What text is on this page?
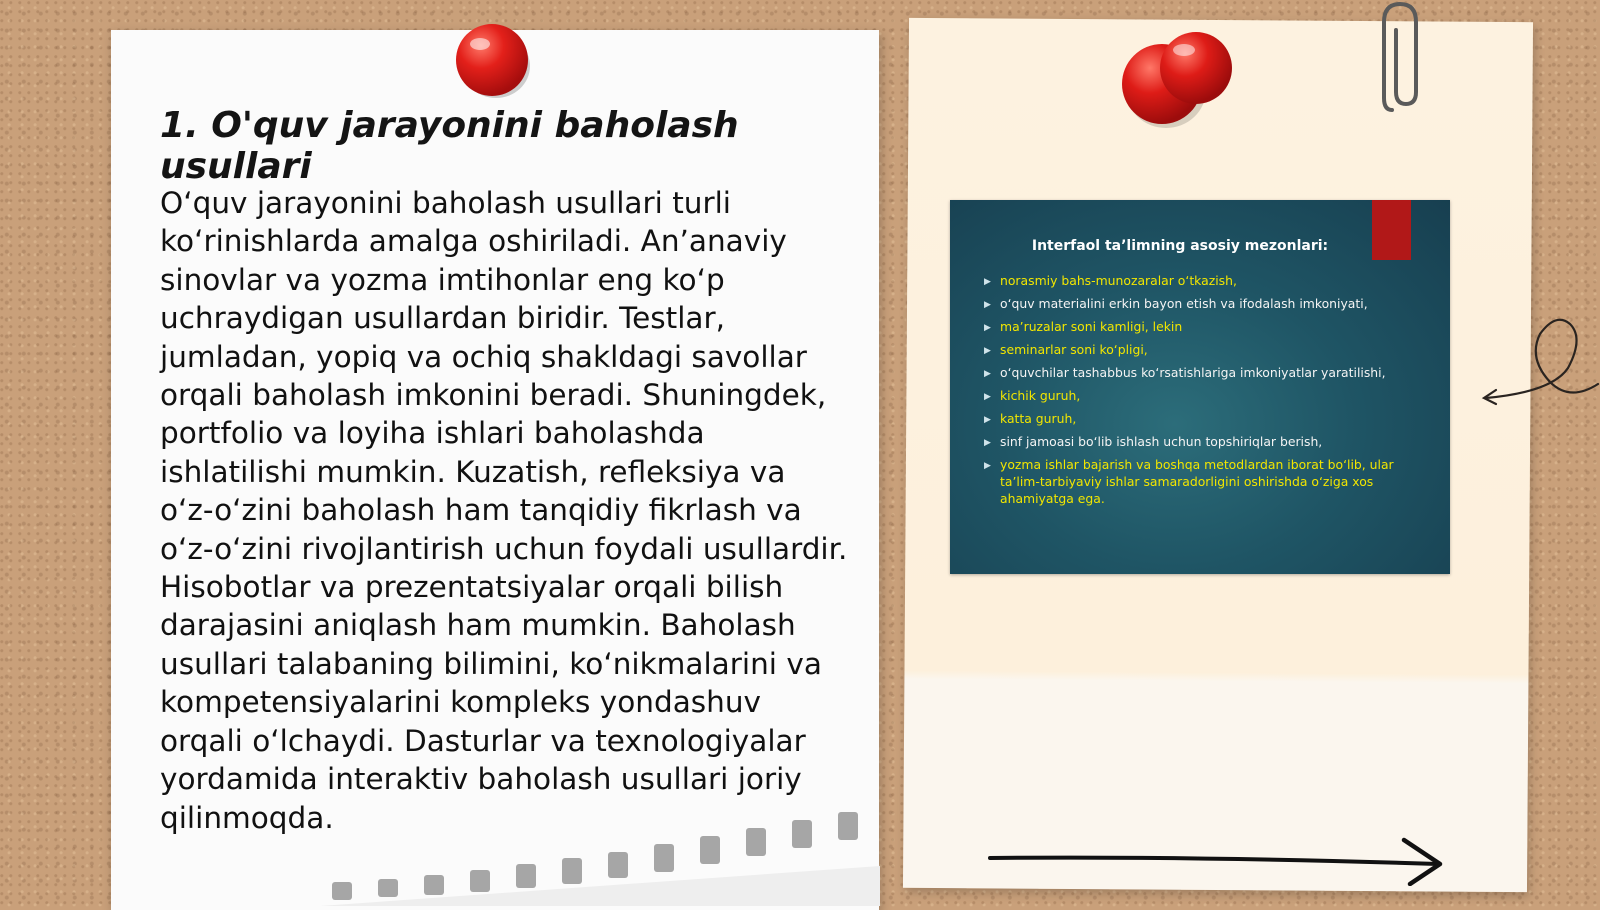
1. O'quv jarayonini baholash usullari

O‘quv jarayonini baholash usullari turli ko‘rinishlarda amalga oshiriladi. An’anaviy sinovlar va yozma imtihonlar eng ko‘p uchraydigan usullardan biridir. Testlar, jumladan, yopiq va ochiq shakldagi savollar orqali baholash imkonini beradi. Shuningdek, portfolio va loyiha ishlari baholashda ishlatilishi mumkin. Kuzatish, refleksiya va o‘z-o‘zini baholash ham tanqidiy fikrlash va o‘z-o‘zini rivojlantirish uchun foydali usullardir. Hisobotlar va prezentatsiyalar orqali bilish darajasini aniqlash ham mumkin. Baholash usullari talabaning bilimini, ko‘nikmalarini va kompetensiyalarini kompleks yondashuv orqali o‘lchaydi. Dasturlar va texnologiyalar yordamida interaktiv baholash usullari joriy qilinmoqda.

Interfaol ta’limning asosiy mezonlari:
▶ norasmiy bahs-munozaralar o‘tkazish,
▶ o‘quv materialini erkin bayon etish va ifodalash imkoniyati,
▶ ma’ruzalar soni kamligi, lekin
▶ seminarlar soni ko‘pligi,
▶ o‘quvchilar tashabbus ko‘rsatishlariga imkoniyatlar yaratilishi,
▶ kichik guruh,
▶ katta guruh,
▶ sinf jamoasi bo‘lib ishlash uchun topshiriqlar berish,
▶ yozma ishlar bajarish va boshqa metodlardan iborat bo‘lib, ular ta’lim-tarbiyaviy ishlar samaradorligini oshirishda o‘ziga xos ahamiyatga ega.
